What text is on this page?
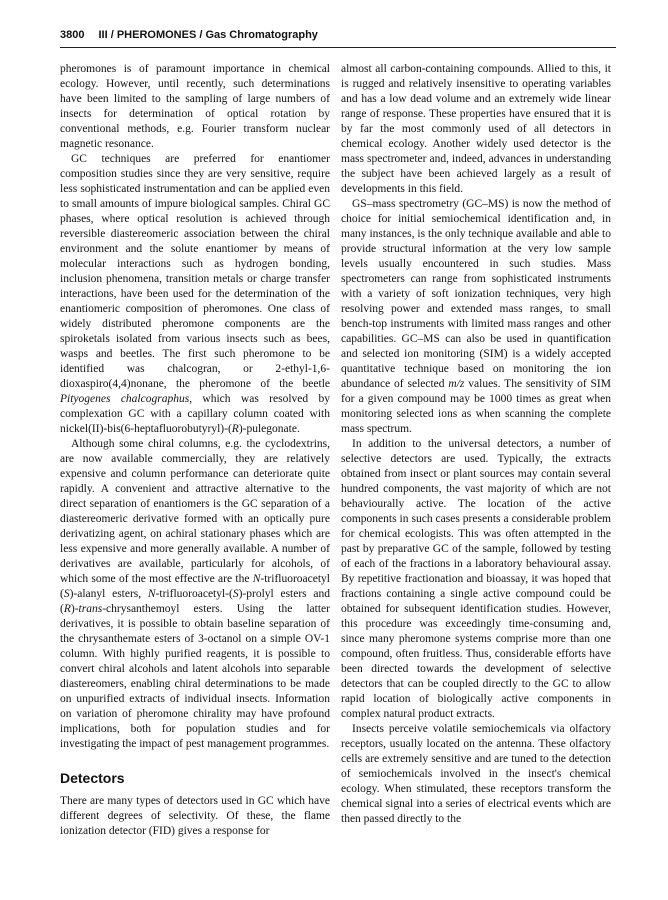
3800 III / PHEROMONES / Gas Chromatography

pheromones is of paramount importance in chemical ecology. However, until recently, such determinations have been limited to the sampling of large numbers of insects for determination of optical rotation by conventional methods, e.g. Fourier transform nuclear magnetic resonance.

GC techniques are preferred for enantiomer composition studies since they are very sensitive, require less sophisticated instrumentation and can be applied even to small amounts of impure biological samples. Chiral GC phases, where optical resolution is achieved through reversible diastereomeric association between the chiral environment and the solute enantiomer by means of molecular interactions such as hydrogen bonding, inclusion phenomena, transition metals or charge transfer interactions, have been used for the determination of the enantiomeric composition of pheromones. One class of widely distributed pheromone components are the spiroketals isolated from various insects such as bees, wasps and beetles. The first such pheromone to be identified was chalcogran, or 2-ethyl-1,6-dioxaspiro(4,4)nonane, the pheromone of the beetle Pityogenes chalcographus, which was resolved by complexation GC with a capillary column coated with nickel(II)-bis(6-heptafluorobutyryl)-(R)-pulegonate.

Although some chiral columns, e.g. the cyclodextrins, are now available commercially, they are relatively expensive and column performance can deteriorate quite rapidly. A convenient and attractive alternative to the direct separation of enantiomers is the GC separation of a diastereomeric derivative formed with an optically pure derivatizing agent, on achiral stationary phases which are less expensive and more generally available. A number of derivatives are available, particularly for alcohols, of which some of the most effective are the N-trifluoroacetyl (S)-alanyl esters, N-trifluoroacetyl-(S)-prolyl esters and (R)-trans-chrysanthemoyl esters. Using the latter derivatives, it is possible to obtain baseline separation of the chrysanthemate esters of 3-octanol on a simple OV-1 column. With highly purified reagents, it is possible to convert chiral alcohols and latent alcohols into separable diastereomers, enabling chiral determinations to be made on unpurified extracts of individual insects. Information on variation of pheromone chirality may have profound implications, both for population studies and for investigating the impact of pest management programmes.

Detectors

There are many types of detectors used in GC which have different degrees of selectivity. Of these, the flame ionization detector (FID) gives a response for

almost all carbon-containing compounds. Allied to this, it is rugged and relatively insensitive to operating variables and has a low dead volume and an extremely wide linear range of response. These properties have ensured that it is by far the most commonly used of all detectors in chemical ecology. Another widely used detector is the mass spectrometer and, indeed, advances in understanding the subject have been achieved largely as a result of developments in this field.

GS–mass spectrometry (GC–MS) is now the method of choice for initial semiochemical identification and, in many instances, is the only technique available and able to provide structural information at the very low sample levels usually encountered in such studies. Mass spectrometers can range from sophisticated instruments with a variety of soft ionization techniques, very high resolving power and extended mass ranges, to small bench-top instruments with limited mass ranges and other capabilities. GC–MS can also be used in quantification and selected ion monitoring (SIM) is a widely accepted quantitative technique based on monitoring the ion abundance of selected m/z values. The sensitivity of SIM for a given compound may be 1000 times as great when monitoring selected ions as when scanning the complete mass spectrum.

In addition to the universal detectors, a number of selective detectors are used. Typically, the extracts obtained from insect or plant sources may contain several hundred components, the vast majority of which are not behaviourally active. The location of the active components in such cases presents a considerable problem for chemical ecologists. This was often attempted in the past by preparative GC of the sample, followed by testing of each of the fractions in a laboratory behavioural assay. By repetitive fractionation and bioassay, it was hoped that fractions containing a single active compound could be obtained for subsequent identification studies. However, this procedure was exceedingly time-consuming and, since many pheromone systems comprise more than one compound, often fruitless. Thus, considerable efforts have been directed towards the development of selective detectors that can be coupled directly to the GC to allow rapid location of biologically active components in complex natural product extracts.

Insects perceive volatile semiochemicals via olfactory receptors, usually located on the antenna. These olfactory cells are extremely sensitive and are tuned to the detection of semiochemicals involved in the insect's chemical ecology. When stimulated, these receptors transform the chemical signal into a series of electrical events which are then passed directly to the
